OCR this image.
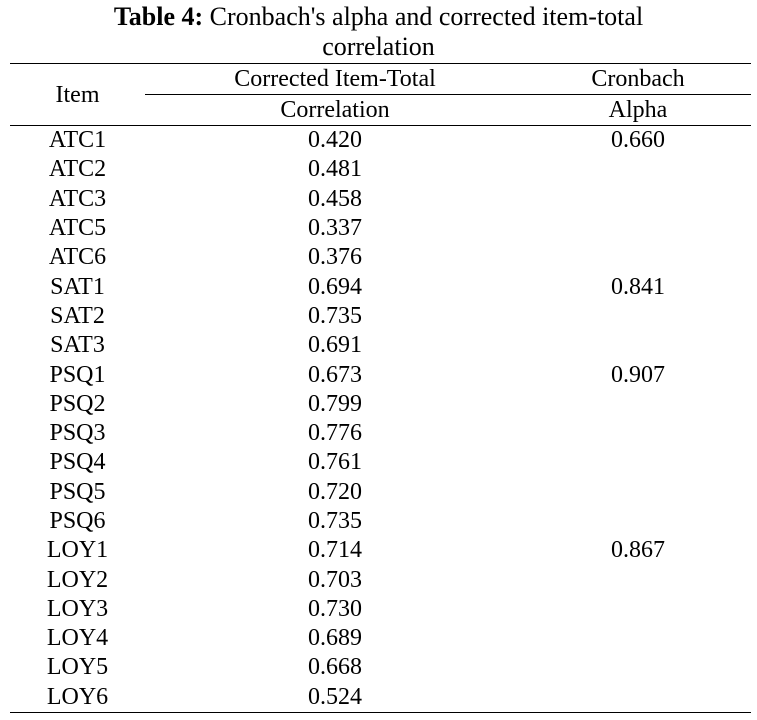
Table 4: Cronbach's alpha and corrected item-total
correlation
Item	Corrected Item-Total	Cronbach
	Correlation	Alpha
ATC1	0.420	0.660
ATC2	0.481	
ATC3	0.458	
ATC5	0.337	
ATC6	0.376	
SAT1	0.694	0.841
SAT2	0.735	
SAT3	0.691	
PSQ1	0.673	0.907
PSQ2	0.799	
PSQ3	0.776	
PSQ4	0.761	
PSQ5	0.720	
PSQ6	0.735	
LOY1	0.714	0.867
LOY2	0.703	
LOY3	0.730	
LOY4	0.689	
LOY5	0.668	
LOY6	0.524	
